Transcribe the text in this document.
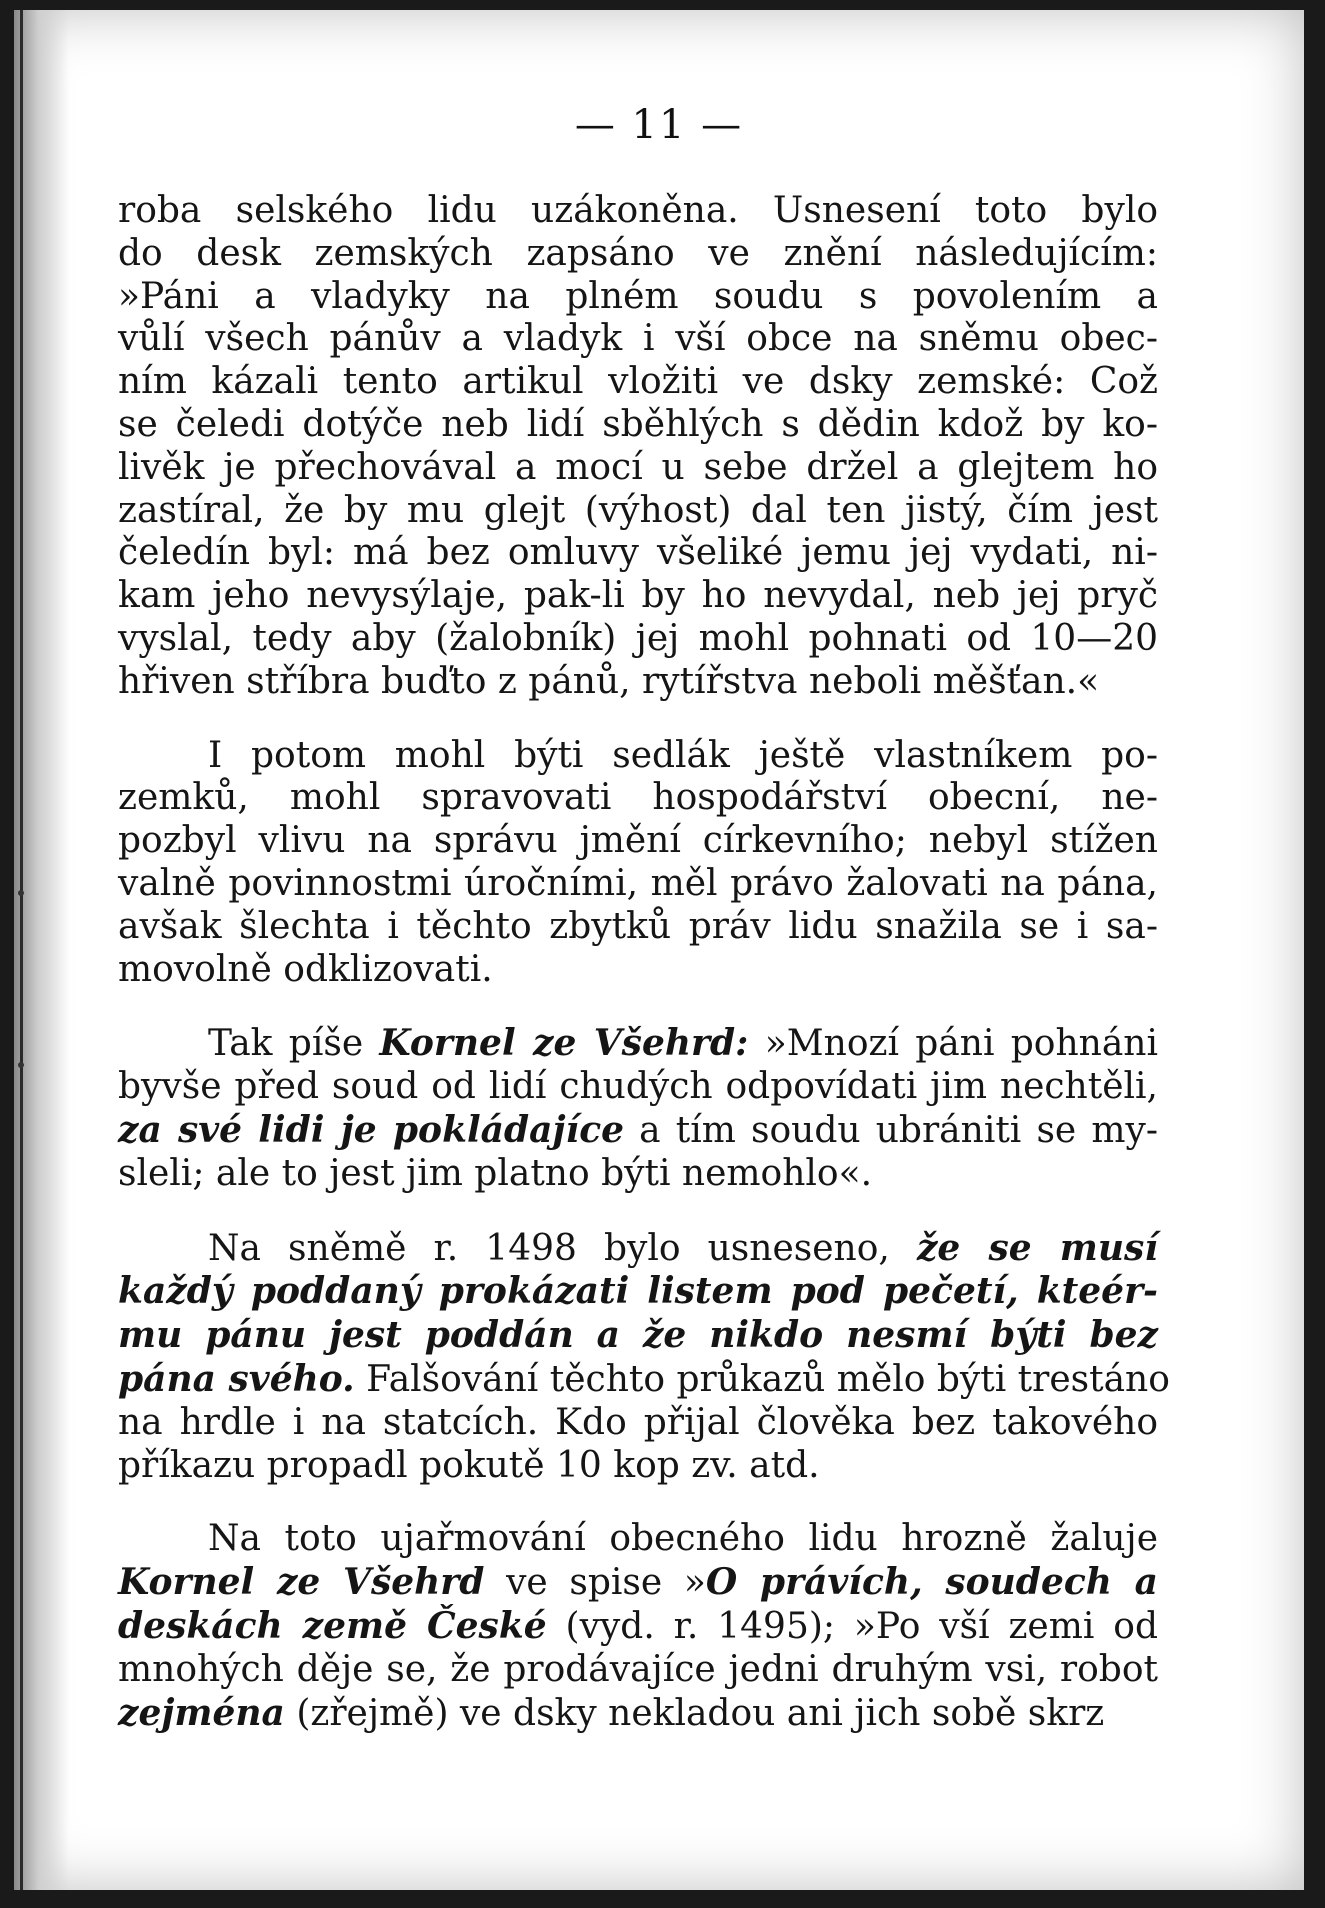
— 11 —
roba selského lidu uzákoněna. Usnesení toto bylo
do desk zemských zapsáno ve znění následujícím:
»Páni a vladyky na plném soudu s povolením a
vůlí všech pánův a vladyk i vší obce na sněmu obec-
ním kázali tento artikul vložiti ve dsky zemské: Což
se čeledi dotýče neb lidí sběhlých s dědin kdož by ko-
livěk je přechovával a mocí u sebe držel a glejtem ho
zastíral, že by mu glejt (výhost) dal ten jistý, čím jest
čeledín byl: má bez omluvy všeliké jemu jej vydati, ni-
kam jeho nevysýlaje, pak-li by ho nevydal, neb jej pryč
vyslal, tedy aby (žalobník) jej mohl pohnati od 10—20
hřiven stříbra buďto z pánů, rytířstva neboli měšťan.«
I potom mohl býti sedlák ještě vlastníkem po-
zemků, mohl spravovati hospodářství obecní, ne-
pozbyl vlivu na správu jmění církevního; nebyl stížen
valně povinnostmi úročními, měl právo žalovati na pána,
avšak šlechta i těchto zbytků práv lidu snažila se i sa-
movolně odklizovati.
Tak píše Kornel ze Všehrd: »Mnozí páni pohnáni
byvše před soud od lidí chudých odpovídati jim nechtěli,
za své lidi je pokládajíce a tím soudu ubrániti se my-
sleli; ale to jest jim platno býti nemohlo«.
Na sněmě r. 1498 bylo usneseno, že se musí
každý poddaný prokázati listem pod pečetí, kteér-
mu pánu jest poddán a že nikdo nesmí býti bez
pána svého. Falšování těchto průkazů mělo býti trestáno
na hrdle i na statcích. Kdo přijal člověka bez takového
příkazu propadl pokutě 10 kop zv. atd.
Na toto ujařmování obecného lidu hrozně žaluje
Kornel ze Všehrd ve spise »O právích, soudech a
deskách země České (vyd. r. 1495); »Po vší zemi od
mnohých děje se, že prodávajíce jedni druhým vsi, robot
zejména (zřejmě) ve dsky nekladou ani jich sobě skrz
